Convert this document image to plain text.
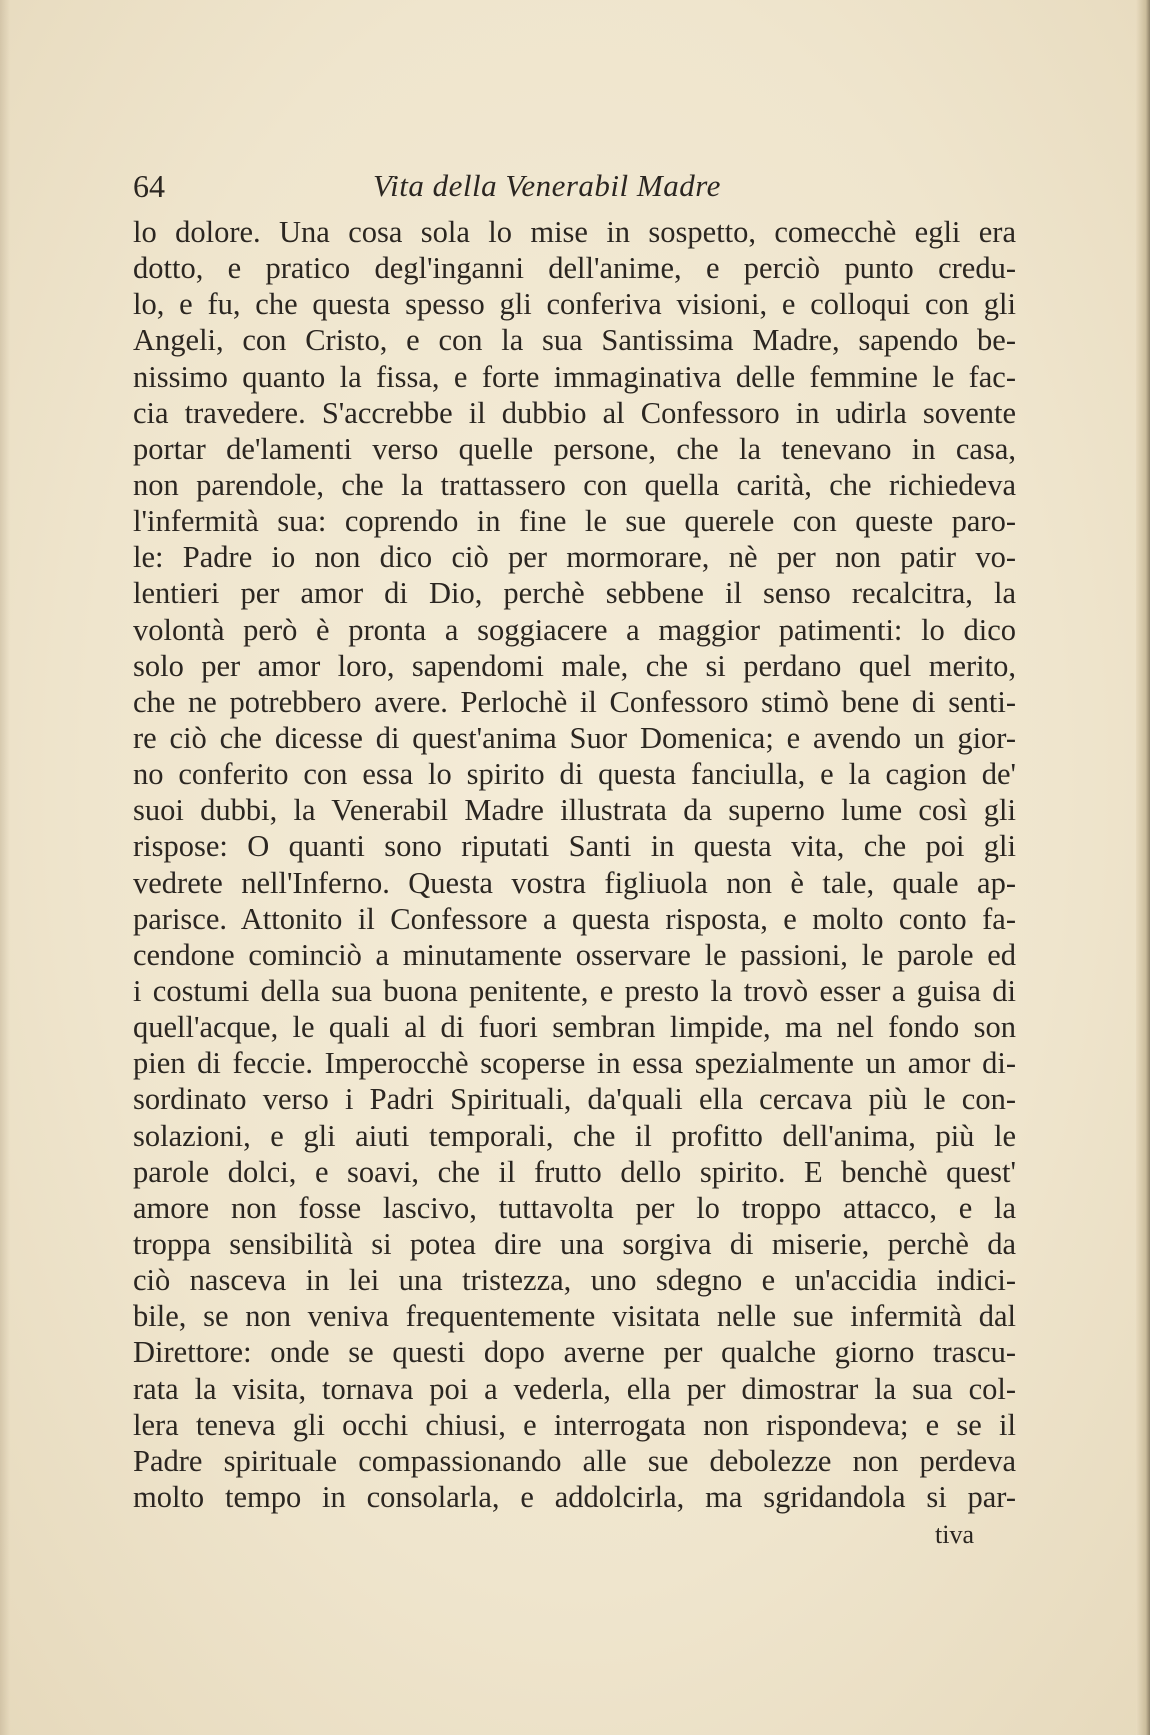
64	Vita della Venerabil Madre
lo dolore. Una cosa sola lo mise in sospetto, comecchè egli era
dotto, e pratico degl'inganni dell'anime, e perciò punto credu-
lo, e fu, che questa spesso gli conferiva visioni, e colloqui con gli
Angeli, con Cristo, e con la sua Santissima Madre, sapendo be-
nissimo quanto la fissa, e forte immaginativa delle femmine le fac-
cia travedere. S'accrebbe il dubbio al Confessoro in udirla sovente
portar de'lamenti verso quelle persone, che la tenevano in casa,
non parendole, che la trattassero con quella carità, che richiedeva
l'infermità sua: coprendo in fine le sue querele con queste paro-
le: Padre io non dico ciò per mormorare, nè per non patir vo-
lentieri per amor di Dio, perchè sebbene il senso recalcitra, la
volontà però è pronta a soggiacere a maggior patimenti: lo dico
solo per amor loro, sapendomi male, che si perdano quel merito,
che ne potrebbero avere. Perlochè il Confessoro stimò bene di senti-
re ciò che dicesse di quest'anima Suor Domenica; e avendo un gior-
no conferito con essa lo spirito di questa fanciulla, e la cagion de'
suoi dubbi, la Venerabil Madre illustrata da superno lume così gli
rispose: O quanti sono riputati Santi in questa vita, che poi gli
vedrete nell'Inferno. Questa vostra figliuola non è tale, quale ap-
parisce. Attonito il Confessore a questa risposta, e molto conto fa-
cendone cominciò a minutamente osservare le passioni, le parole ed
i costumi della sua buona penitente, e presto la trovò esser a guisa di
quell'acque, le quali al di fuori sembran limpide, ma nel fondo son
pien di feccie. Imperocchè scoperse in essa spezialmente un amor di-
sordinato verso i Padri Spirituali, da'quali ella cercava più le con-
solazioni, e gli aiuti temporali, che il profitto dell'anima, più le
parole dolci, e soavi, che il frutto dello spirito. E benchè quest'
amore non fosse lascivo, tuttavolta per lo troppo attacco, e la
troppa sensibilità si potea dire una sorgiva di miserie, perchè da
ciò nasceva in lei una tristezza, uno sdegno e un'accidia indici-
bile, se non veniva frequentemente visitata nelle sue infermità dal
Direttore: onde se questi dopo averne per qualche giorno trascu-
rata la visita, tornava poi a vederla, ella per dimostrar la sua col-
lera teneva gli occhi chiusi, e interrogata non rispondeva; e se il
Padre spirituale compassionando alle sue debolezze non perdeva
molto tempo in consolarla, e addolcirla, ma sgridandola si par-
tiva
